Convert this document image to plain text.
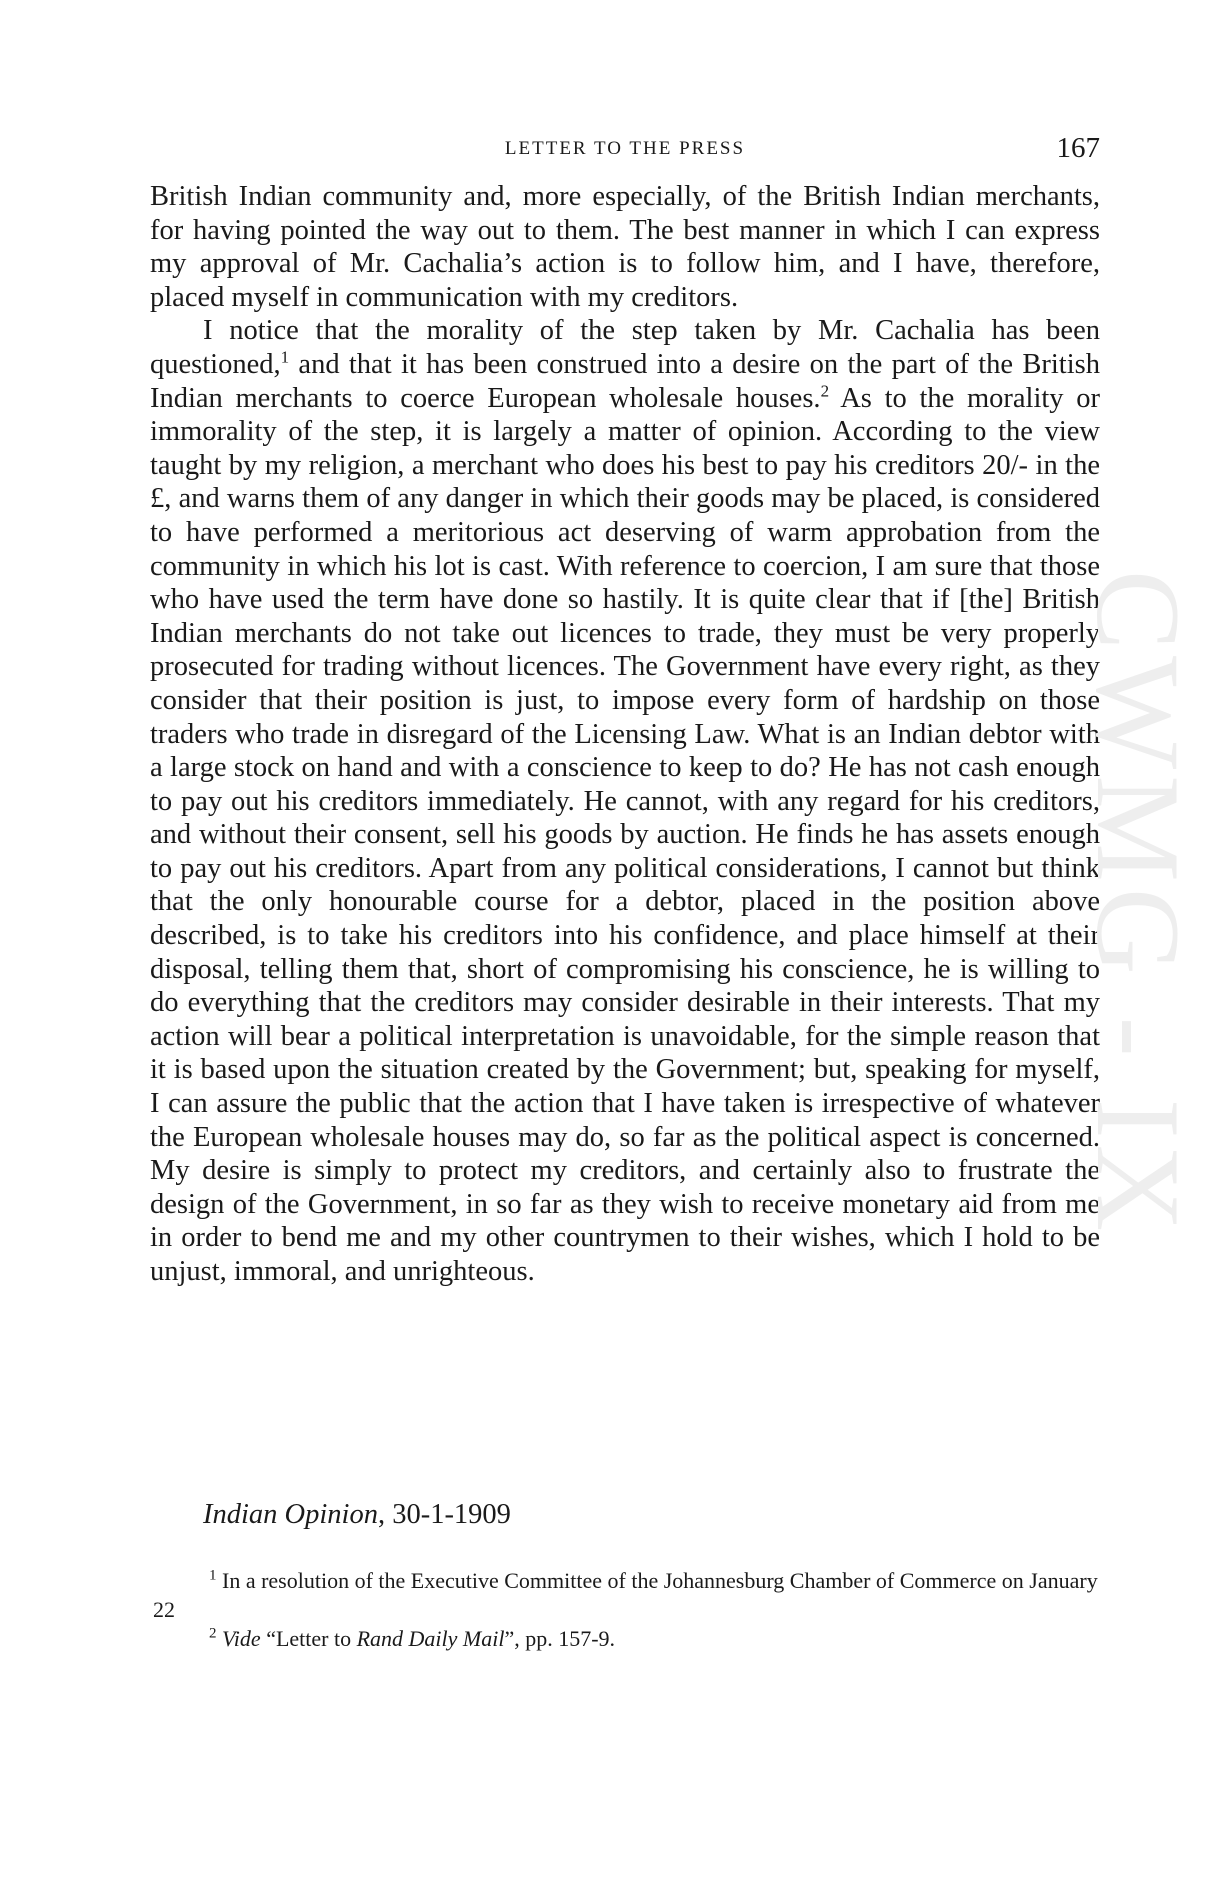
LETTER TO THE PRESS	167

British Indian community and, more especially, of the British Indian merchants, for having pointed the way out to them. The best manner in which I can express my approval of Mr. Cachalia’s action is to follow him, and I have, therefore, placed myself in communication with my creditors.

I notice that the morality of the step taken by Mr. Cachalia has been questioned,$^1$ and that it has been construed into a desire on the part of the British Indian merchants to coerce European wholesale houses.$^2$ As to the morality or immorality of the step, it is largely a matter of opinion. According to the view taught by my religion, a merchant who does his best to pay his creditors 20/- in the £, and warns them of any danger in which their goods may be placed, is considered to have performed a meritorious act deserving of warm approbation from the community in which his lot is cast. With reference to coercion, I am sure that those who have used the term have done so hastily. It is quite clear that if [the] British Indian merchants do not take out licences to trade, they must be very properly prosecuted for trading without licences. The Government have every right, as they consider that their position is just, to impose every form of hardship on those traders who trade in disregard of the Licensing Law. What is an Indian debtor with a large stock on hand and with a conscience to keep to do? He has not cash enough to pay out his creditors immediately. He cannot, with any regard for his creditors, and without their consent, sell his goods by auction. He finds he has assets enough to pay out his creditors. Apart from any political considerations, I cannot but think that the only honourable course for a debtor, placed in the position above described, is to take his creditors into his confidence, and place himself at their disposal, telling them that, short of compromising his conscience, he is willing to do everything that the creditors may consider desirable in their interests. That my action will bear a political interpretation is unavoidable, for the simple reason that it is based upon the situation created by the Government; but, speaking for myself, I can assure the public that the action that I have taken is irrespective of whatever the European wholesale houses may do, so far as the political aspect is concerned. My desire is simply to protect my creditors, and certainly also to frustrate the design of the Government, in so far as they wish to receive monetary aid from me in order to bend me and my other countrymen to their wishes, which I hold to be unjust, immoral, and unrighteous.

Indian Opinion, 30-1-1909

$^1$ In a resolution of the Executive Committee of the Johannesburg Chamber of Commerce on January 22

$^2$ Vide “Letter to Rand Daily Mail”, pp. 157-9.

CWMG - IX
